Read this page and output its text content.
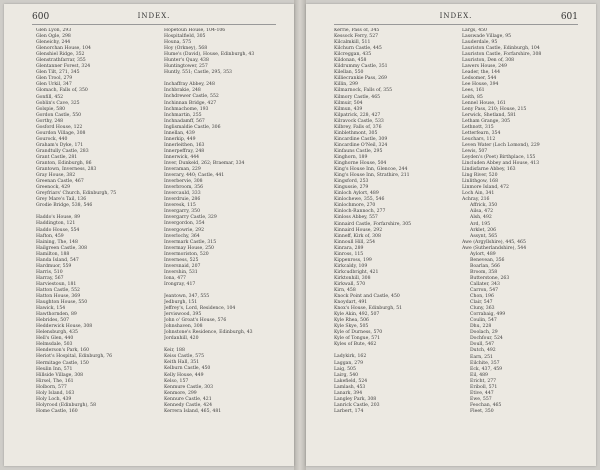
600	INDEX.
Glen Lyon, 293
Glen Ogle, 298
Gleneichy, 244
Glenorchan House, 104
Glenshiel Ridge, 352
Glenstrathfarrar, 355
Glentanner Forest, 324
Glen Tilt, 271, 345
Glen Trool, 279
Glen Urkil, 347
Glomach, Falls of, 350
Gonfill, 452
Goblin's Cave, 325
Golspie, 580
Gordon Castle, 550
Gorthy, 248
Gosford House, 122
Gourdon Village, 308
Gourock, 440
Graham's Dyke, 171
Grandtully Castle, 283
Grant Castle, 281
Granton, Edinburgh, 86
Grantown, Inverness, 283
Gray House, 382
Greenan Castle, 467
Greenock, 429
Greyfriars' Church, Edinburgh, 75
Grey Mare's Tail, 136
Grodie Bridge, 538, 546
Haddo's House, 89
Haddington, 121
Haddo House, 554
Hafton, 459
Haining, The, 148
Hailgreen Castle, 308
Hamilton, 188
Handa Island, 547
Hardmuor, 559
Harris, 510
Harray, 567
Harviestoun, 181
Hatton Castle, 552
Hatton House, 369
Haughton House, 550
Hawick, 154
Hawthornden, 89
Hebrides, 507
Hedderwick House, 308
Helensburgh, 435
Hell's Glen, 440
Helmsdale, 503
Henderson's Park, 160
Heriot's Hospital, Edinburgh, 76
Hermitage Castle, 150
Heulin Inn, 571
Hillside Village, 308
Hirsel, The, 161
Holborn, 577
Holy Island, 163
Holy Loch, 439
Holyrood (Edinburgh), 58
Home Castle, 160
Hopetoun House, 104-106
Hospitalfield, 305
Houna, 575
Hoy (Orkney), 568
Hume's (David), House, Edinburgh, 43
Hunter's Quay, 438
Huntingtower, 257
Huntly, 551; Castle, 295, 353
Inchaffray Abbey, 248
Inchbrakie, 248
Inchdrewer Castle, 552
Inchinnan Bridge, 427
Inchmachome, 193
Inchmartin, 255
Inchnadamff, 567
Inglismaldie Castle, 306
Innellan, 439
Innerkip, 449
Innerleithen, 163
Innerpeffray, 248
Innerwick, 444
Inver, Dunkeld, 262; Braemar, 334
Inveraman, 229
Inverary, 440; Castle, 441
Inverbervie, 308
Inverbroom, 356
Invercauld, 333
Inverdruie, 286
Inveresk, 115
Invergarry, 350
Invergarry Castle, 329
Invergordon, 354
Invergowrie, 292
Inverlochy, 364
Invermark Castle, 315
Invermay House, 250
Invermoriston, 520
Inverness, 525
Inversnaid, 207
Invershin, 531
Iona, 477
Irongray, 417
Jeantown, 347, 555
Jedburgh, 151
Jeffrey's, Lord, Residence, 104
Jerviswood, 395
John o' Groat's House, 576
Johnshaven, 308
Johnstone's Residence, Edinburgh, 43
Jordanhill, 420
Keir, 188
Keiss Castle, 575
Keith Hall, 351
Kelburn Castle, 450
Kelly House, 449
Kelso, 157
Kenmure Castle, 303
Kenmore, 299
Kennure Castle, 421
Kennedy Castle, 424
Kerrera Island, 465, 481
INDEX.	601
Kerrie, Pass of, 345
Kessock Ferry, 527
Kilcalmkill, 511
Kilchurn Castle, 445
Kilcreggan, 435
Kildonan, 458
Kildrummy Castle, 351
Kilellan, 550
Killiecrankie Pass, 269
Killin, 299
Kilmarnock, Falls of, 355
Kilmory Castle, 465
Kilmuir, 504
Kilmun, 439
Kilpatrick, 228, 427
Kilravock Castle, 533
Kilbrey, Falls of, 376
Kinblethmont, 305
Kincardine Castle, 309
Kincardine O'Neil, 324
Kinfauns Castle, 295
Kinghorn, 189
Kinghorne House, 504
King's House Inn, Glencoe, 244
King's House Inn, Strathire, 211
Kingsford, 253
Kingussie, 279
Kinloch Aylort, 489
Kinlochewe, 355, 546
Kinlochmore, 270
Kinloch-Rannoch, 277
Kinloss Abbey, 557
Kinnaird Castle, Forfarshire, 305
Kinnaird House, 292
Kinneff, Kirk of, 308
Kinnoull Hill, 254
Kinrara, 289
Kinross, 115
Kippenross, 199
Kirkcaldy, 109
Kirkcudbright, 421
Kirktonhill, 308
Kirkwall, 570
Kirn, 458
Knock Point and Castle, 450
Knoydart, 491
Knox's House, Edinburgh, 51
Kyle Akin, 492, 507
Kyle Rhea, 506
Kyle Skye, 505
Kyle of Durness, 570
Kyle of Tongue, 571
Kyles of Bute, 462
Ladykirk, 162
Laggan, 279
Laig, 505
Lairg, 540
Lakefield, 524
Lamlash, 453
Lanark, 394
Langley Park, 308
Lanrick Castle, 203
Larbert, 174
Largs, 450
Lasswade Village, 95
Lauderdale, 95
Lauriston Castle, Edinburgh, 104
Lauriston Castle, Forfarshire, 308
Lauriston, Den of, 308
Lawers House, 249
Leader, the, 144
Ledsomer, 544
Lee House, 394
Lees, 161
Leith, 85
Lennel House, 161
Leny Pass, 210; House, 215
Lerwick, Shetland, 581
Letham Grange, 305
Lethnott, 315
Letterfearn, 354
Leuchars, 112
Leven Water (Loch Lomond), 229
Lewis, 507
Leyden's (Poet) Birthplace, 155
Lincluden Abbey and House, 413
Lindisfarne Abbey, 163
Ling River, 520
Linlithgow, 168
Linmore Island, 472
Loch Ain, 341
Achray, 216
Affrick, 350
Ailsa, 472
Alsh, 492
Ard, 195
Arklet, 206
Assynt, 565
Awe (Argyllshire), 445, 465
Awe (Sutherlandshire), 544
Aylort, 489
Benevean, 356
Boarlan, 566
Broom, 358
Butterstone, 263
Callater, 343
Carron, 547
Chon, 196
Clair, 547
Cluny, 363
Corrabaig, 499
Coulin, 547
Dhu, 228
Doolach, 29
Dochfour, 524
Doull, 547
Dutch, 492
Earn, 251
Eilchite, 357
Eck, 437, 459
Eil, 489
Ericht, 277
Eriboll, 571
Etive, 447
Ewe, 557
Feochan, 465
Fleet, 350
